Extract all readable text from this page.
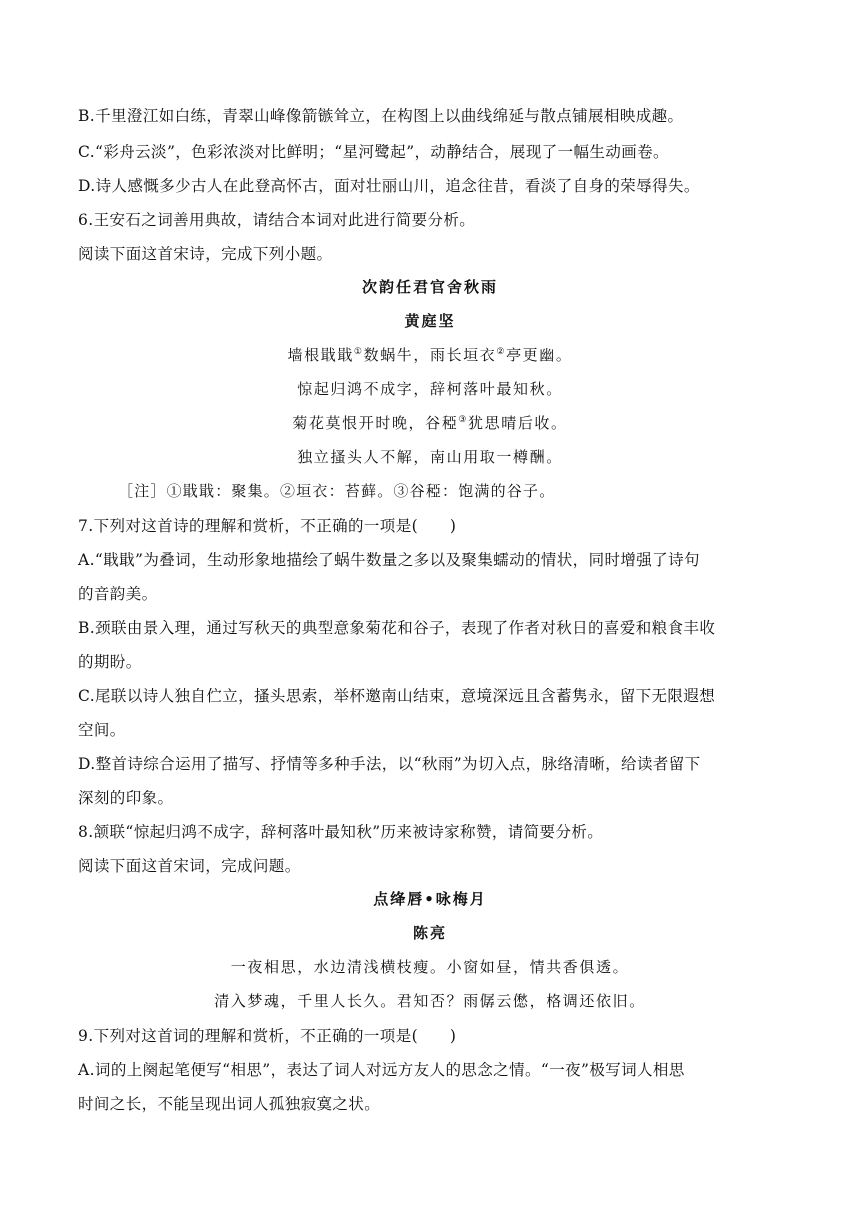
B.千里澄江如白练，青翠山峰像箭镞耸立，在构图上以曲线绵延与散点铺展相映成趣。
C.“彩舟云淡”，色彩浓淡对比鲜明；“星河鹭起”，动静结合，展现了一幅生动画卷。
D.诗人感慨多少古人在此登高怀古，面对壮丽山川，追念往昔，看淡了自身的荣辱得失。
6.王安石之词善用典故，请结合本词对此进行简要分析。
阅读下面这首宋诗，完成下列小题。
次韵任君官舍秋雨
黄庭坚
墙根戢戢①数蜗牛，雨长垣衣②亭更幽。
惊起归鸿不成字，辞柯落叶最知秋。
菊花莫恨开时晚，谷稏③犹思晴后收。
独立搔头人不解，南山用取一樽酬。
［注］①戢戢：聚集。②垣衣：苔藓。③谷稏：饱满的谷子。
7.下列对这首诗的理解和赏析，不正确的一项是(　　)
A.“戢戢”为叠词，生动形象地描绘了蜗牛数量之多以及聚集蠕动的情状，同时增强了诗句
的音韵美。
B.颈联由景入理，通过写秋天的典型意象菊花和谷子，表现了作者对秋日的喜爱和粮食丰收
的期盼。
C.尾联以诗人独自伫立，搔头思索，举杯邀南山结束，意境深远且含蓄隽永，留下无限遐想
空间。
D.整首诗综合运用了描写、抒情等多种手法，以“秋雨”为切入点，脉络清晰，给读者留下
深刻的印象。
8.颔联“惊起归鸿不成字，辞柯落叶最知秋”历来被诗家称赞，请简要分析。
阅读下面这首宋词，完成问题。
点绛唇•咏梅月
陈亮
一夜相思，水边清浅横枝瘦。小窗如昼，情共香俱透。
清入梦魂，千里人长久。君知否？雨僝云僽，格调还依旧。
9.下列对这首词的理解和赏析，不正确的一项是(　　)
A.词的上阕起笔便写“相思”，表达了词人对远方友人的思念之情。“一夜”极写词人相思
时间之长，不能呈现出词人孤独寂寞之状。
